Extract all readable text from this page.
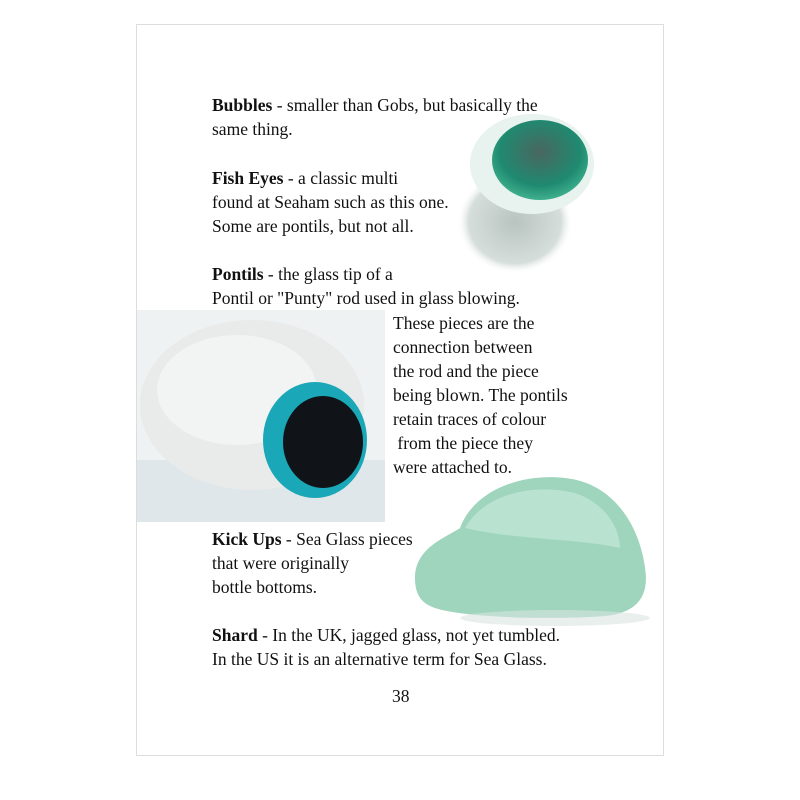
Bubbles - smaller than Gobs, but basically the
same thing.
Fish Eyes - a classic multi
found at Seaham such as this one.
Some are pontils, but not all.
Pontils - the glass tip of a
Pontil or "Punty" rod used in glass blowing.
These pieces are the
connection between
the rod and the piece
being blown. The pontils
retain traces of colour
from the piece they
were attached to.
Kick Ups - Sea Glass pieces
that were originally
bottle bottoms.
Shard - In the UK, jagged glass, not yet tumbled.
In the US it is an alternative term for Sea Glass.
38
